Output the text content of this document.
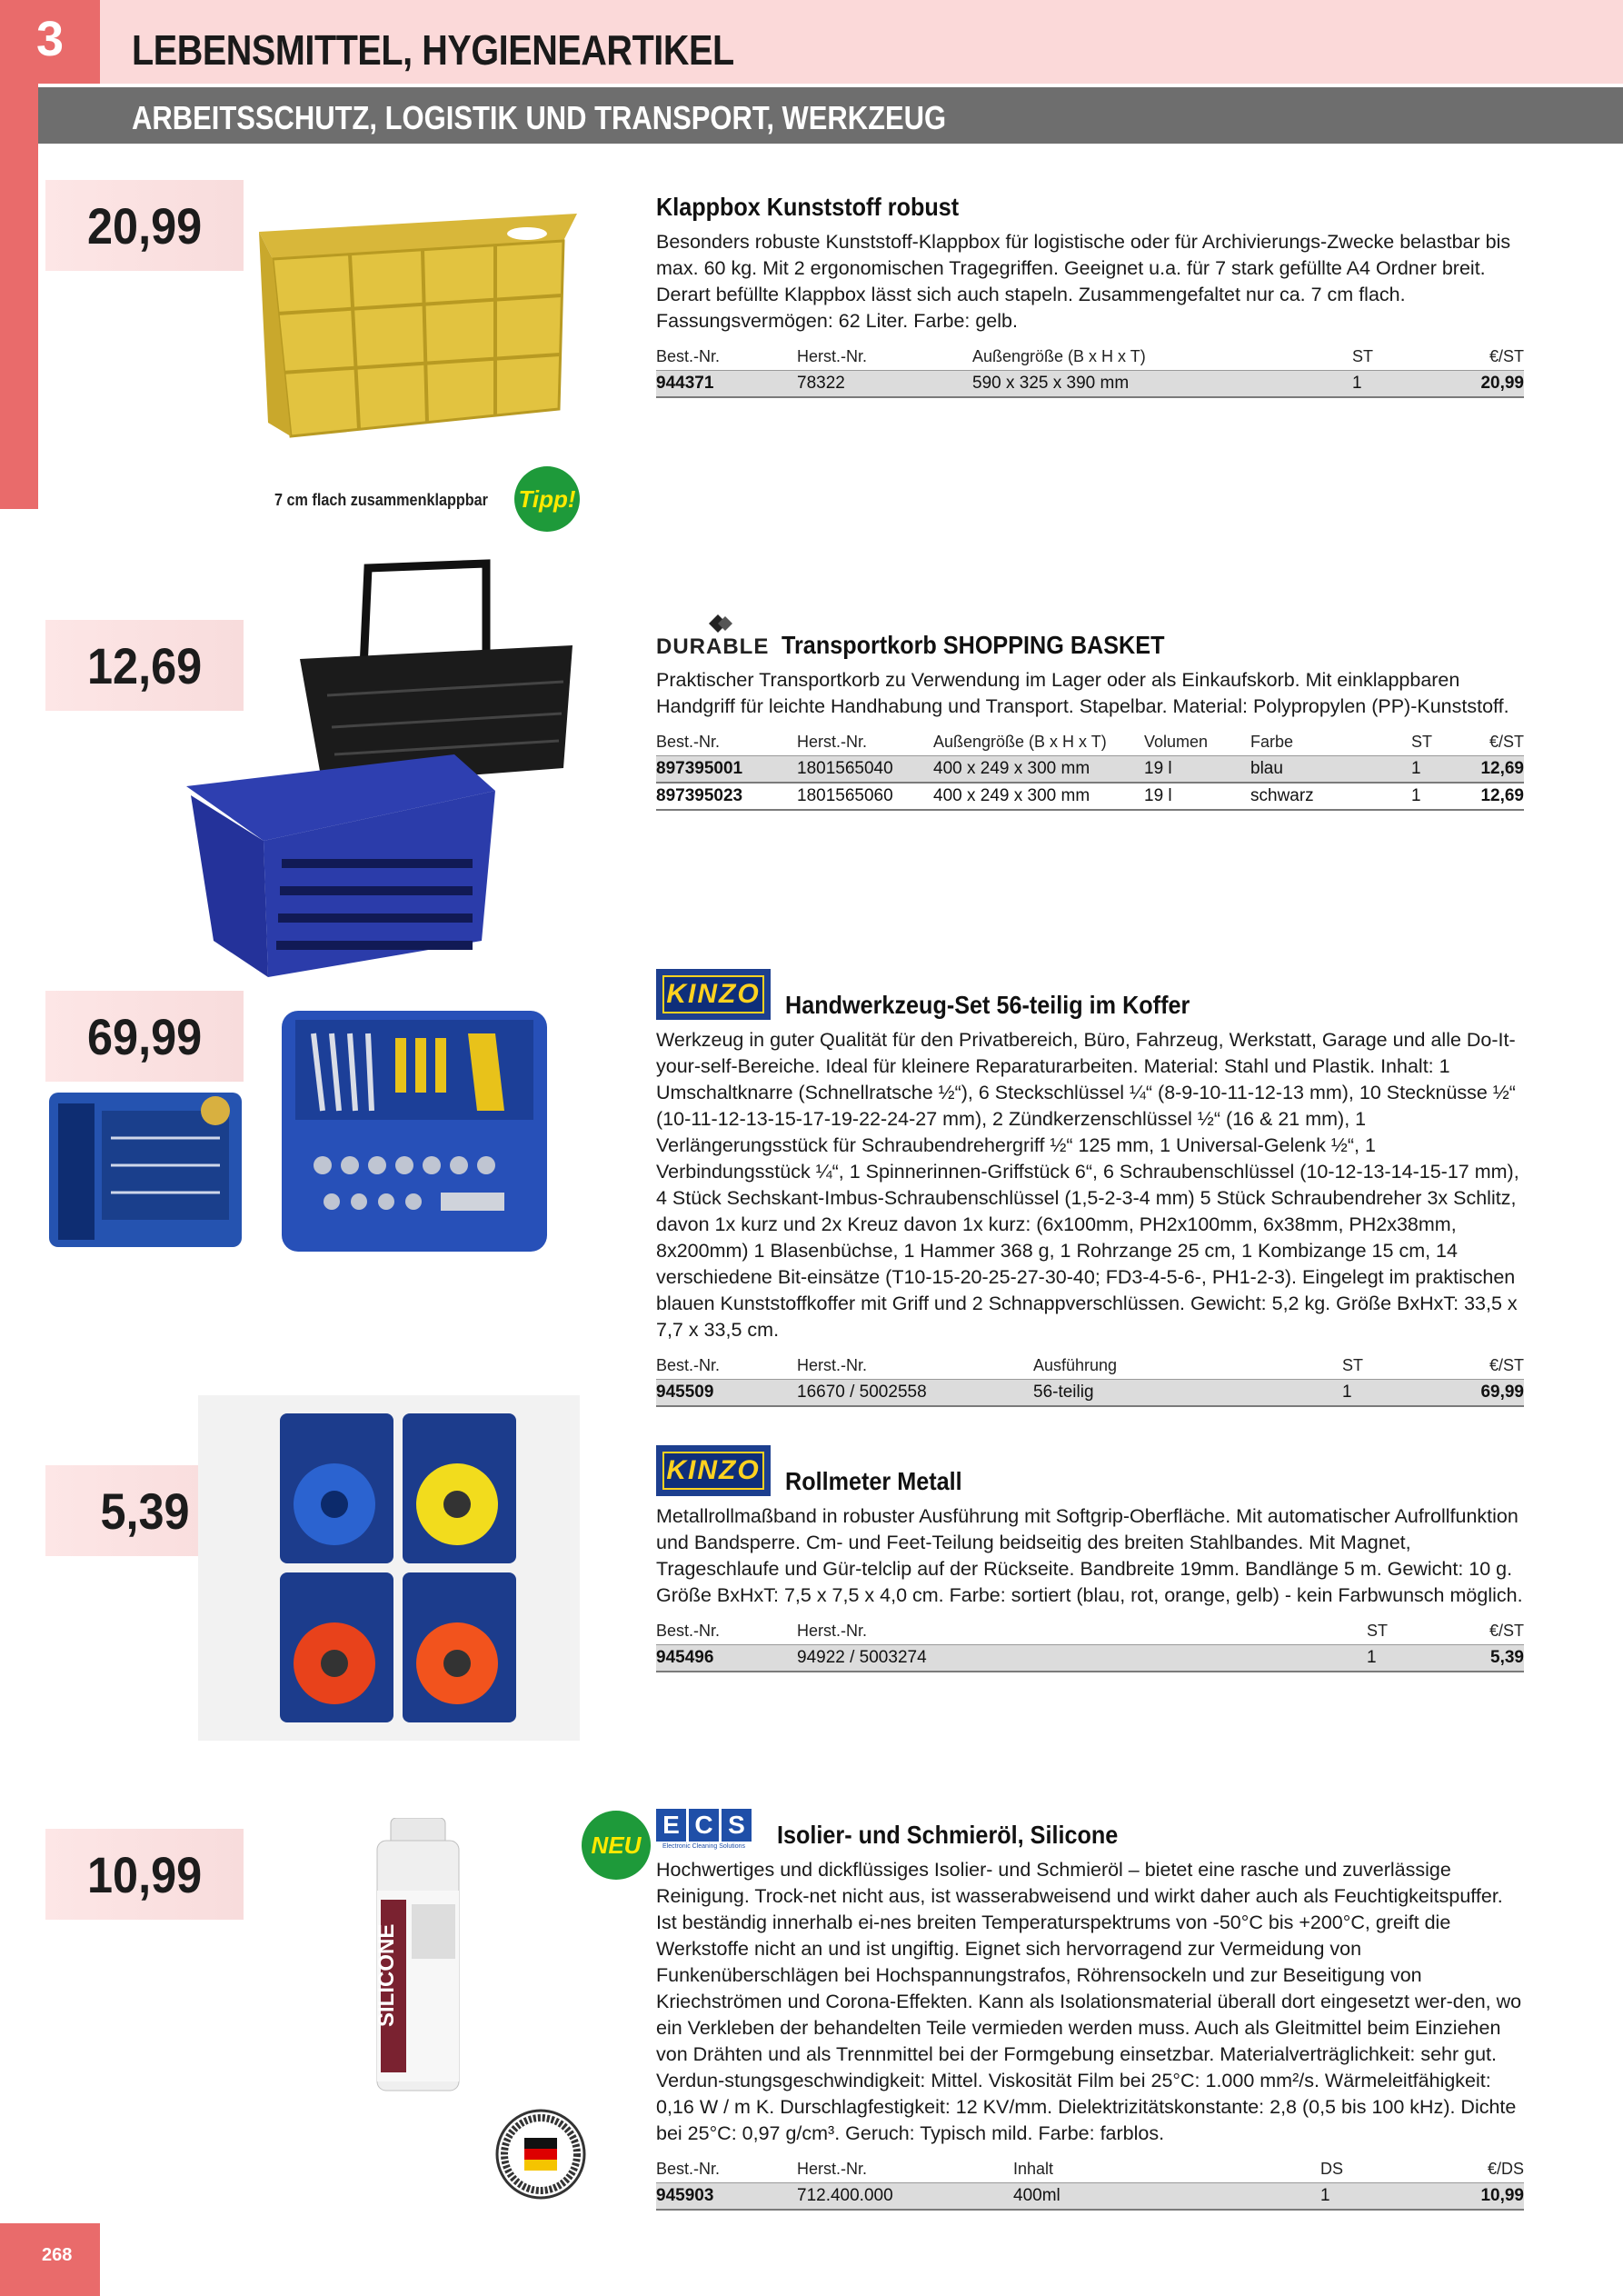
3	LEBENSMITTEL, HYGIENEARTIKEL
ARBEITSSCHUTZ, LOGISTIK UND TRANSPORT, WERKZEUG
20,99
7 cm flach zusammenklappbar Tipp!
Klappbox Kunststoff robust
Besonders robuste Kunststoff-Klappbox für logistische oder für Archivierungs-Zwecke belastbar bis max. 60 kg. Mit 2 ergonomischen Tragegriffen. Geeignet u.a. für 7 stark gefüllte A4 Ordner breit. Derart befüllte Klappbox lässt sich auch stapeln. Zusammengefaltet nur ca. 7 cm flach. Fassungsvermögen: 62 Liter. Farbe: gelb.
Best.-Nr.	Herst.-Nr.	Außengröße (B x H x T)	ST	€/ST
944371	78322	590 x 325 x 390 mm	1	20,99
12,69	DURABLE Transportkorb SHOPPING BASKET
Praktischer Transportkorb zu Verwendung im Lager oder als Einkaufskorb. Mit einklappbaren Handgriff für leichte Handhabung und Transport. Stapelbar. Material: Polypropylen (PP)-Kunststoff.
Best.-Nr.	Herst.-Nr.	Außengröße (B x H x T)	Volumen	Farbe	ST	€/ST
897395001	1801565040	400 x 249 x 300 mm	19 l	blau	1	12,69
897395023	1801565060	400 x 249 x 300 mm	19 l	schwarz	1	12,69
69,99
KINZO Handwerkzeug-Set 56-teilig im Koffer
Werkzeug in guter Qualität für den Privatbereich, Büro, Fahrzeug, Werkstatt, Garage und alle Do-It-your-self-Bereiche. Ideal für kleinere Reparaturarbeiten. Material: Stahl und Plastik. Inhalt: 1 Umschaltknarre (Schnellratsche ½“), 6 Steckschlüssel ¼“ (8-9-10-11-12-13 mm), 10 Stecknüsse ½“ (10-11-12-13-15-17-19-22-24-27 mm), 2 Zündkerzenschlüssel ½“ (16 & 21 mm), 1 Verlängerungsstück für Schraubendrehergriff ½“ 125 mm, 1 Universal-Gelenk ½“, 1 Verbindungsstück ¼“, 1 Spinnerinnen-Griffstück 6“, 6 Schraubenschlüssel (10-12-13-14-15-17 mm), 4 Stück Sechskant-Imbus-Schraubenschlüssel (1,5-2-3-4 mm) 5 Stück Schraubendreher 3x Schlitz, davon 1x kurz und 2x Kreuz davon 1x kurz: (6x100mm, PH2x100mm, 6x38mm, PH2x38mm, 8x200mm) 1 Blasenbüchse, 1 Hammer 368 g, 1 Rohrzange 25 cm, 1 Kombizange 15 cm, 14 verschiedene Bit-einsätze (T10-15-20-25-27-30-40; FD3-4-5-6-, PH1-2-3). Eingelegt im praktischen blauen Kunststoffkoffer mit Griff und 2 Schnappverschlüssen. Gewicht: 5,2 kg. Größe BxHxT: 33,5 x 7,7 x 33,5 cm.
Best.-Nr.	Herst.-Nr.	Ausführung	ST	€/ST
945509	16670 / 5002558	56-teilig	1	69,99
5,39
KINZO Rollmeter Metall
Metallrollmaßband in robuster Ausführung mit Softgrip-Oberfläche. Mit automatischer Aufrollfunktion und Bandsperre. Cm- und Feet-Teilung beidseitig des breiten Stahlbandes. Mit Magnet, Trageschlaufe und Gür-telclip auf der Rückseite. Bandbreite 19mm. Bandlänge 5 m. Gewicht: 10 g. Größe BxHxT: 7,5 x 7,5 x 4,0 cm. Farbe: sortiert (blau, rot, orange, gelb) - kein Farbwunsch möglich.
Best.-Nr.	Herst.-Nr.	ST	€/ST
945496	94922 / 5003274	1	5,39
10,99
SILICONE
NEU
E C S
Electronic Cleaning Solutions Isolier- und Schmieröl, Silicone
Hochwertiges und dickflüssiges Isolier- und Schmieröl – bietet eine rasche und zuverlässige Reinigung. Trock-net nicht aus, ist wasserabweisend und wirkt daher auch als Feuchtigkeitspuffer. Ist beständig innerhalb ei-nes breiten Temperaturspektrums von -50°C bis +200°C, greift die Werkstoffe nicht an und ist ungiftig. Eignet sich hervorragend zur Vermeidung von Funkenüberschlägen bei Hochspannungstrafos, Röhrensockeln und zur Beseitigung von Kriechströmen und Corona-Effekten. Kann als Isolationsmaterial überall dort eingesetzt wer-den, wo ein Verkleben der behandelten Teile vermieden werden muss. Auch als Gleitmittel beim Einziehen von Drähten und als Trennmittel bei der Formgebung einsetzbar. Materialverträglichkeit: sehr gut. Verdun-stungsgeschwindigkeit: Mittel. Viskosität Film bei 25°C: 1.000 mm²/s. Wärmeleitfähigkeit: 0,16 W / m K. Durschlagfestigkeit: 12 KV/mm. Dielektrizitätskonstante: 2,8 (0,5 bis 100 kHz). Dichte bei 25°C: 0,97 g/cm³. Geruch: Typisch mild. Farbe: farblos.
Best.-Nr.	Herst.-Nr.	Inhalt	DS	€/DS
945903	712.400.000	400ml	1	10,99
268
